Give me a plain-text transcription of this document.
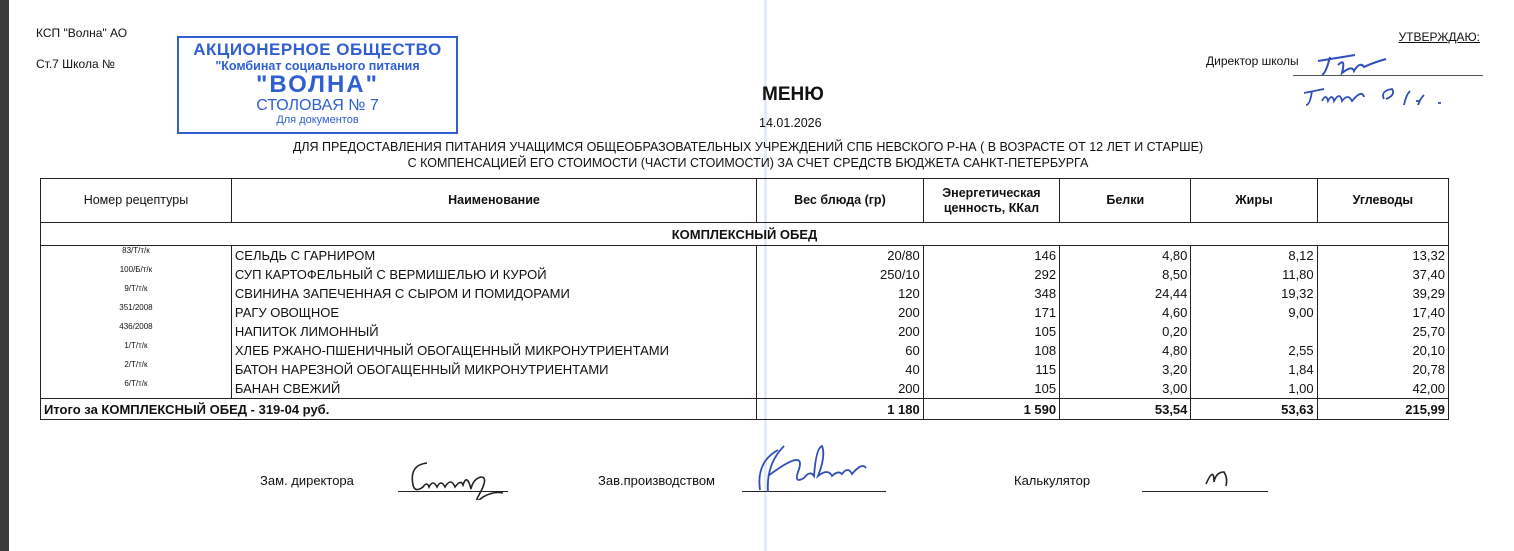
КСП "Волна" АО
Ст.7 Школа №
АКЦИОНЕРНОЕ ОБЩЕСТВО
"Комбинат социального питания
"ВОЛНА"
СТОЛОВАЯ № 7
Для документов
УТВЕРЖДАЮ:
Директор школы
МЕНЮ
14.01.2026
ДЛЯ ПРЕДОСТАВЛЕНИЯ ПИТАНИЯ УЧАЩИМСЯ ОБЩЕОБРАЗОВАТЕЛЬНЫХ УЧРЕЖДЕНИЙ СПБ НЕВСКОГО Р-НА ( В ВОЗРАСТЕ ОТ 12 ЛЕТ И СТАРШЕ)
С КОМПЕНСАЦИЕЙ ЕГО СТОИМОСТИ (ЧАСТИ СТОИМОСТИ) ЗА СЧЕТ СРЕДСТВ БЮДЖЕТА САНКТ-ПЕТЕРБУРГА
Номер рецептуры	Наименование	Вес блюда (гр)	Энергетическая ценность, ККал	Белки	Жиры	Углеводы
КОМПЛЕКСНЫЙ ОБЕД						
83/Т/т/к	СЕЛЬДЬ С ГАРНИРОМ	20/80	146	4,80	8,12	13,32
100/Б/т/к	СУП КАРТОФЕЛЬНЫЙ С ВЕРМИШЕЛЬЮ И КУРОЙ	250/10	292	8,50	11,80	37,40
9/Т/т/к	СВИНИНА ЗАПЕЧЕННАЯ С СЫРОМ И ПОМИДОРАМИ	120	348	24,44	19,32	39,29
351/2008	РАГУ ОВОЩНОЕ	200	171	4,60	9,00	17,40
436/2008	НАПИТОК ЛИМОННЫЙ	200	105	0,20		25,70
1/Т/т/к	ХЛЕБ РЖАНО-ПШЕНИЧНЫЙ ОБОГАЩЕННЫЙ МИКРОНУТРИЕНТАМИ	60	108	4,80	2,55	20,10
2/Т/т/к	БАТОН НАРЕЗНОЙ ОБОГАЩЕННЫЙ МИКРОНУТРИЕНТАМИ	40	115	3,20	1,84	20,78
6/Т/т/к	БАНАН СВЕЖИЙ	200	105	3,00	1,00	42,00
Итого за КОМПЛЕКСНЫЙ ОБЕД - 319-04 руб.		1 180	1 590	53,54	53,63	215,99
Зам. директора	Зав.производством	Калькулятор
